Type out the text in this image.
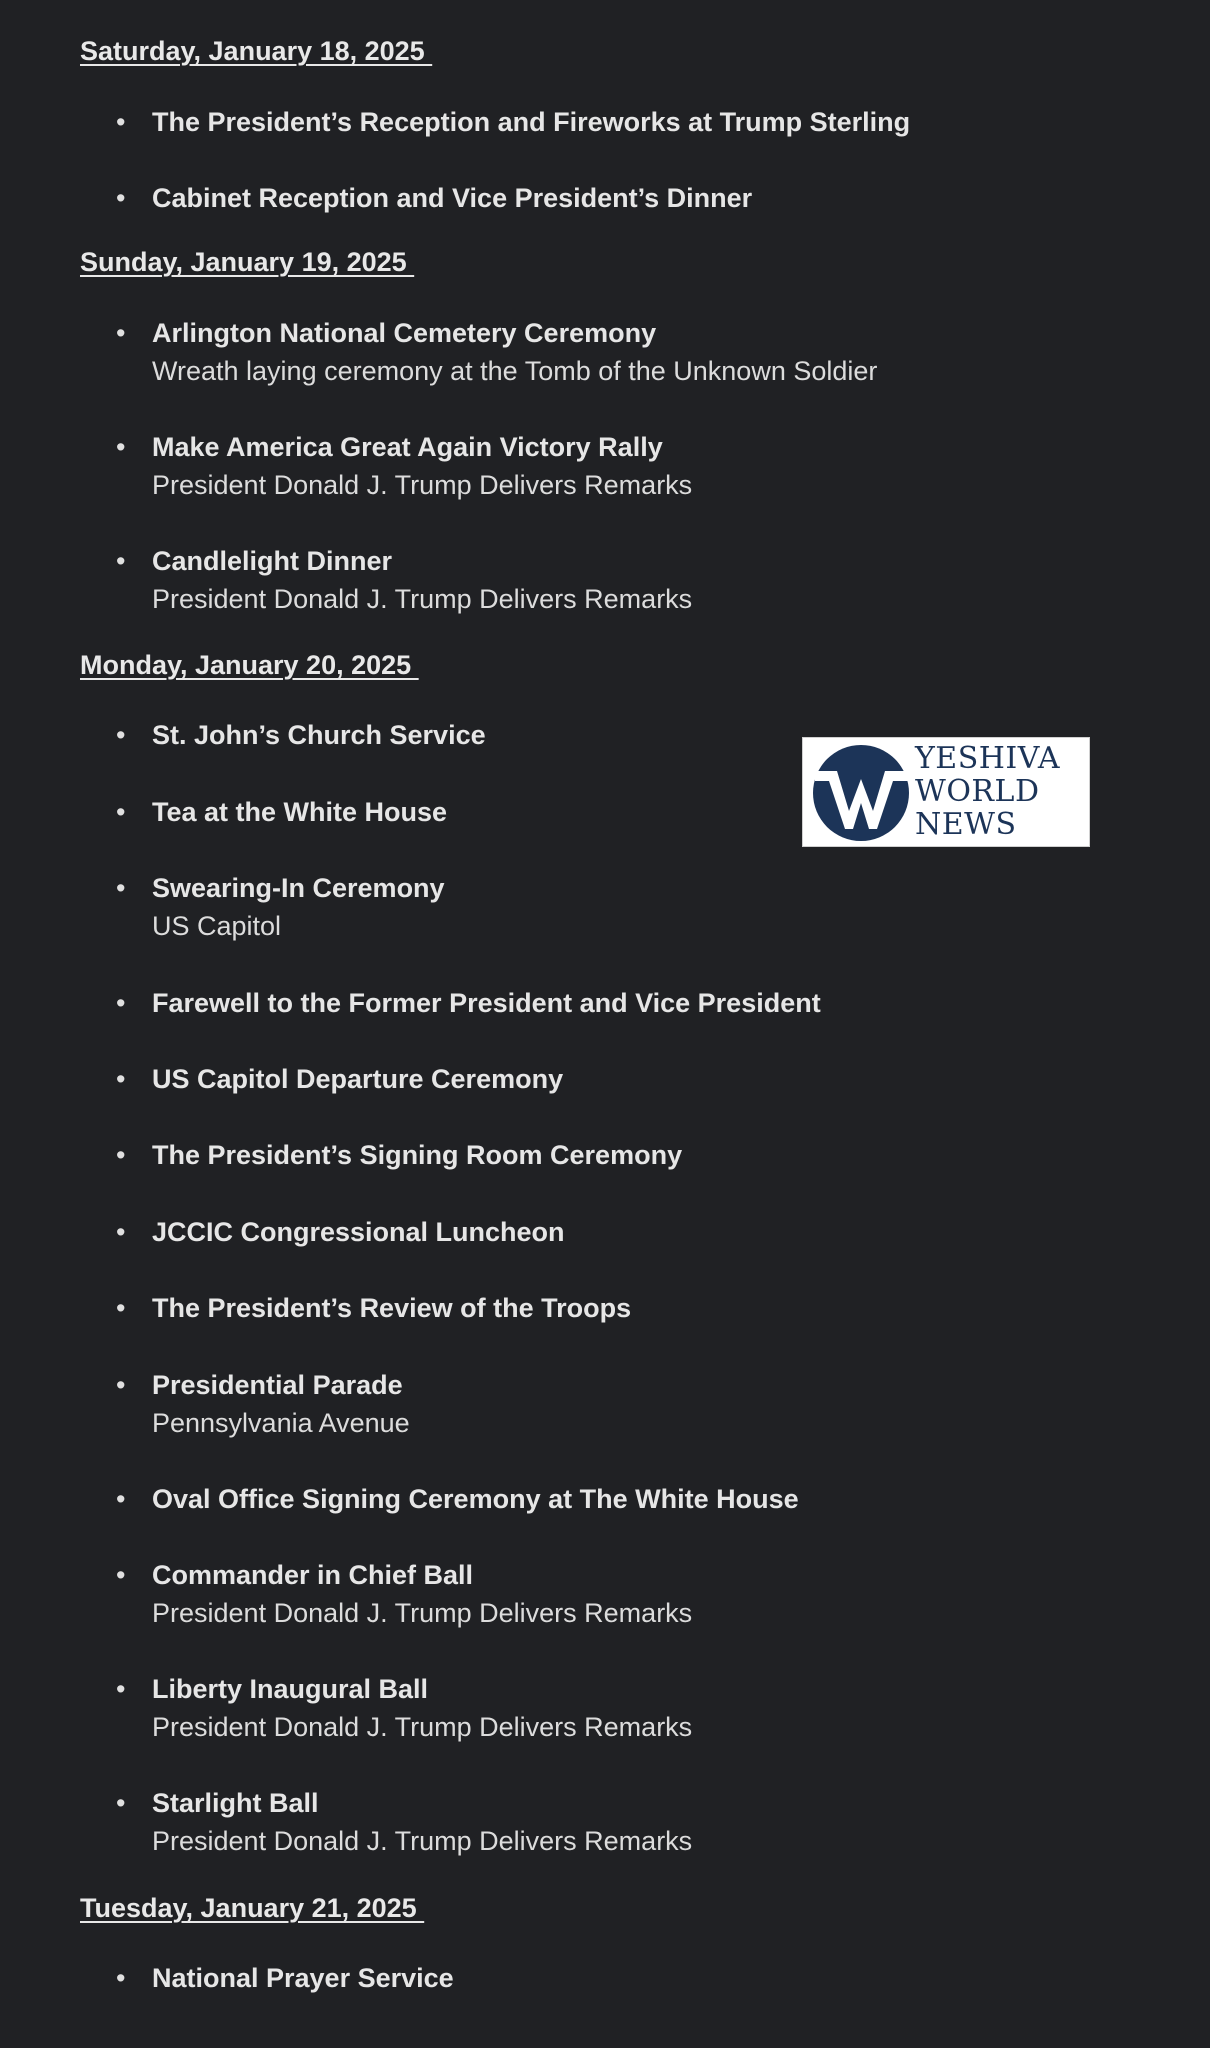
Saturday, January 18, 2025
• The President’s Reception and Fireworks at Trump Sterling
• Cabinet Reception and Vice President’s Dinner
Sunday, January 19, 2025
• Arlington National Cemetery Ceremony
Wreath laying ceremony at the Tomb of the Unknown Soldier
• Make America Great Again Victory Rally
President Donald J. Trump Delivers Remarks
• Candlelight Dinner
President Donald J. Trump Delivers Remarks
Monday, January 20, 2025
• St. John’s Church Service
• Tea at the White House
• Swearing-In Ceremony
US Capitol
• Farewell to the Former President and Vice President
• US Capitol Departure Ceremony
• The President’s Signing Room Ceremony
• JCCIC Congressional Luncheon
• The President’s Review of the Troops
• Presidential Parade
Pennsylvania Avenue
• Oval Office Signing Ceremony at The White House
• Commander in Chief Ball
President Donald J. Trump Delivers Remarks
• Liberty Inaugural Ball
President Donald J. Trump Delivers Remarks
• Starlight Ball
President Donald J. Trump Delivers Remarks
Tuesday, January 21, 2025
• National Prayer Service
YESHIVA
WORLD
NEWS
